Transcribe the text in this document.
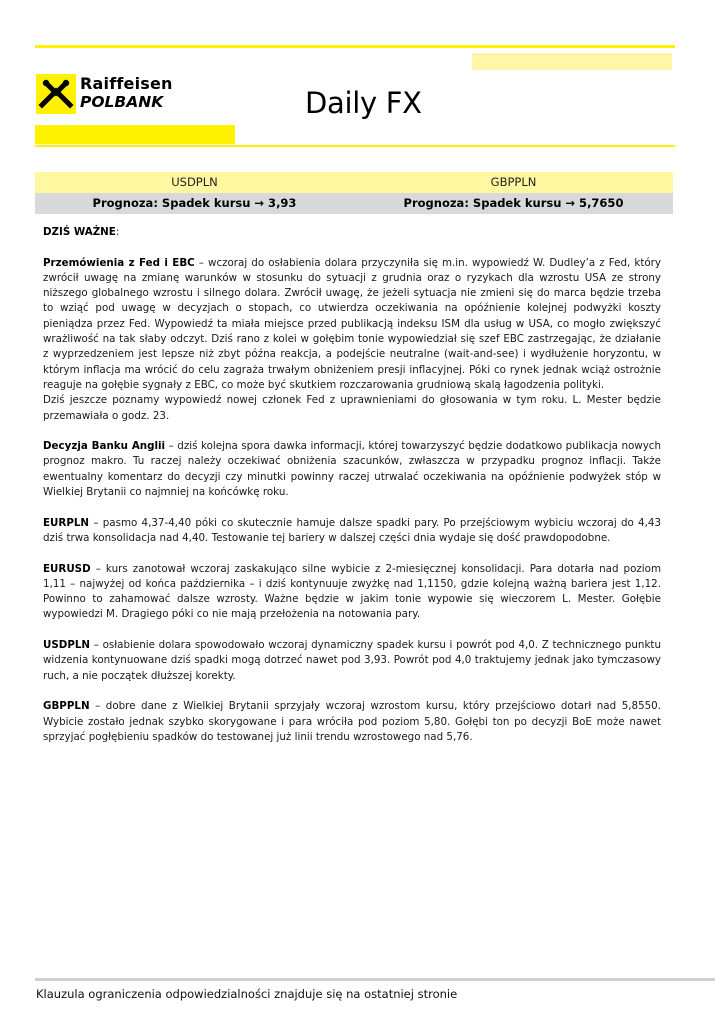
Raiffeisen
POLBANK	Daily FX
USDPLN	GBPPLN
Prognoza: Spadek kursu → 3,93	Prognoza: Spadek kursu → 5,7650

DZIŚ WAŻNE:

Przemówienia z Fed i EBC – wczoraj do osłabienia dolara przyczyniła się m.in. wypowiedź W. Dudley’a z Fed, który zwrócił uwagę na zmianę warunków w stosunku do sytuacji z grudnia oraz o ryzykach dla wzrostu USA ze strony niższego globalnego wzrostu i silnego dolara. Zwrócił uwagę, że jeżeli sytuacja nie zmieni się do marca będzie trzeba to wziąć pod uwagę w decyzjach o stopach, co utwierdza oczekiwania na opóźnienie kolejnej podwyżki koszty pieniądza przez Fed. Wypowiedź ta miała miejsce przed publikacją indeksu ISM dla usług w USA, co mogło zwiększyć wrażliwość na tak słaby odczyt. Dziś rano z kolei w gołębim tonie wypowiedział się szef EBC zastrzegając, że działanie z wyprzedzeniem jest lepsze niż zbyt późna reakcja, a podejście neutralne (wait-and-see) i wydłużenie horyzontu, w którym inflacja ma wrócić do celu zagraża trwałym obniżeniem presji inflacyjnej. Póki co rynek jednak wciąż ostrożnie reaguje na gołębie sygnały z EBC, co może być skutkiem rozczarowania grudniową skalą łagodzenia polityki.

Dziś jeszcze poznamy wypowiedź nowej członek Fed z uprawnieniami do głosowania w tym roku. L. Mester będzie przemawiała o godz. 23.

Decyzja Banku Anglii – dziś kolejna spora dawka informacji, której towarzyszyć będzie dodatkowo publikacja nowych prognoz makro. Tu raczej należy oczekiwać obniżenia szacunków, zwłaszcza w przypadku prognoz inflacji. Także ewentualny komentarz do decyzji czy minutki powinny raczej utrwalać oczekiwania na opóźnienie podwyżek stóp w Wielkiej Brytanii co najmniej na końcówkę roku.

EURPLN – pasmo 4,37-4,40 póki co skutecznie hamuje dalsze spadki pary. Po przejściowym wybiciu wczoraj do 4,43 dziś trwa konsolidacja nad 4,40. Testowanie tej bariery w dalszej części dnia wydaje się dość prawdopodobne.

EURUSD – kurs zanotował wczoraj zaskakująco silne wybicie z 2-miesięcznej konsolidacji. Para dotarła nad poziom 1,11 – najwyżej od końca października – i dziś kontynuuje zwyżkę nad 1,1150, gdzie kolejną ważną bariera jest 1,12. Powinno to zahamować dalsze wzrosty. Ważne będzie w jakim tonie wypowie się wieczorem L. Mester. Gołębie wypowiedzi M. Dragiego póki co nie mają przełożenia na notowania pary.

USDPLN – osłabienie dolara spowodowało wczoraj dynamiczny spadek kursu i powrót pod 4,0. Z technicznego punktu widzenia kontynuowane dziś spadki mogą dotrzeć nawet pod 3,93. Powrót pod 4,0 traktujemy jednak jako tymczasowy ruch, a nie początek dłuższej korekty.

GBPPLN – dobre dane z Wielkiej Brytanii sprzyjały wczoraj wzrostom kursu, który przejściowo dotarł nad 5,8550. Wybicie zostało jednak szybko skorygowane i para wróciła pod poziom 5,80. Gołębi ton po decyzji BoE może nawet sprzyjać pogłębieniu spadków do testowanej już linii trendu wzrostowego nad 5,76.

Klauzula ograniczenia odpowiedzialności znajduje się na ostatniej stronie
